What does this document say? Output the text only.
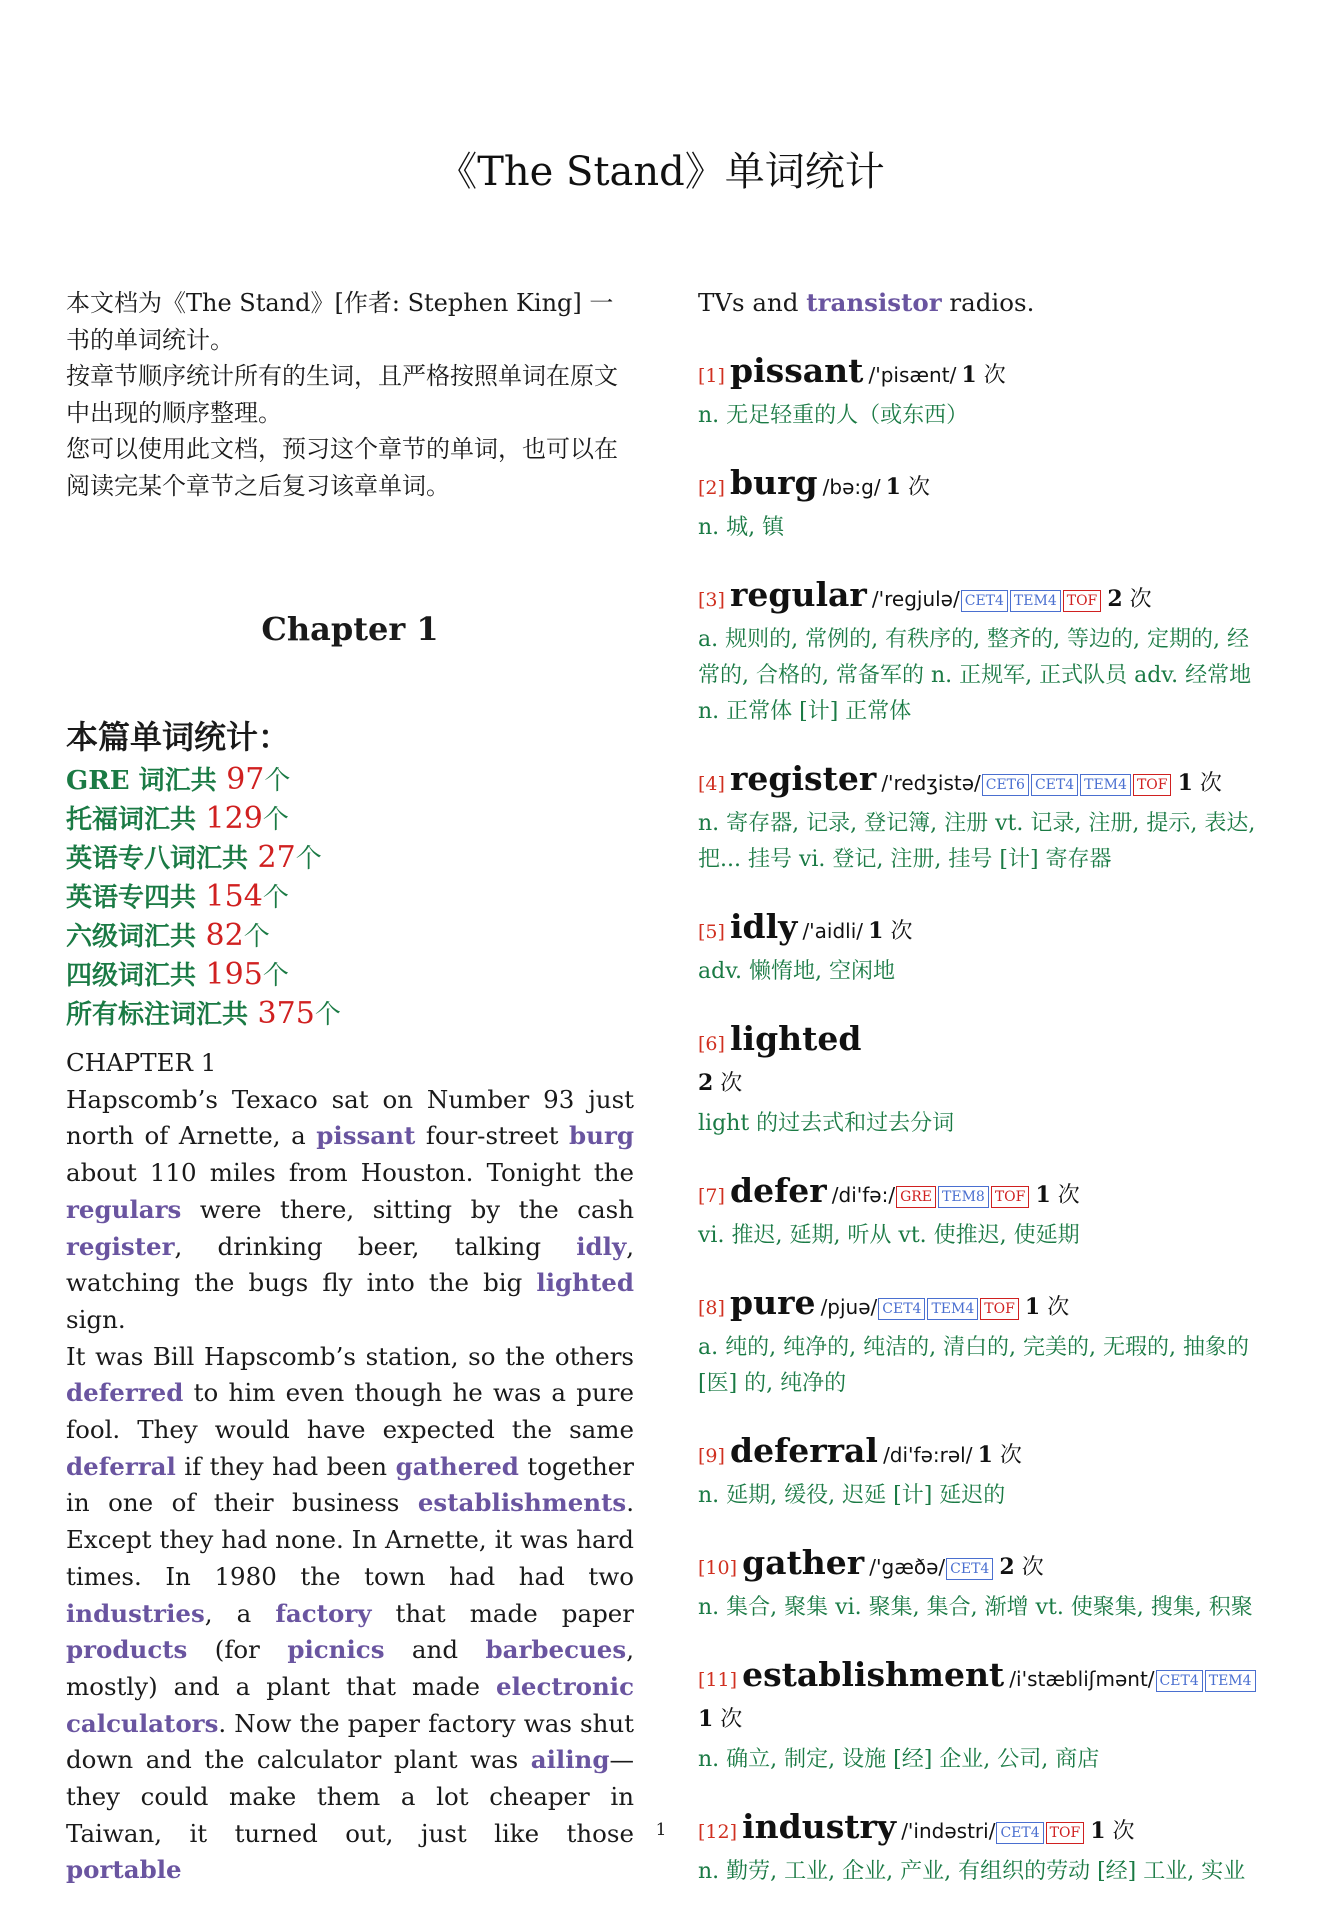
《The Stand》单词统计

本文档为《The Stand》[作者: Stephen King] 一书的单词统计。

按章节顺序统计所有的生词，且严格按照单词在原文中出现的顺序整理。

您可以使用此文档，预习这个章节的单词，也可以在阅读完某个章节之后复习该章单词。

Chapter 1
本篇单词统计：
GRE 词汇共 97个
托福词汇共 129个
英语专八词汇共 27个
英语专四共 154个
六级词汇共 82个
四级词汇共 195个
所有标注词汇共 375个

CHAPTER 1

Hapscomb’s Texaco sat on Number 93 just north of Arnette, a pissant four-street burg about 110 miles from Houston. Tonight the regulars were there, sitting by the cash register, drinking beer, talking idly, watching the bugs fly into the big lighted sign.

It was Bill Hapscomb’s station, so the others deferred to him even though he was a pure fool. They would have expected the same deferral if they had been gathered together in one of their business establishments. Except they had none. In Arnette, it was hard times. In 1980 the town had had two industries, a factory that made paper products (for picnics and barbecues, mostly) and a plant that made electronic calculators. Now the paper factory was shut down and the calculator plant was ailing—they could make them a lot cheaper in Taiwan, it turned out, just like those portable

TVs and transistor radios.

[1] pissant /'pisænt/ 1 次
n. 无足轻重的人（或东西）
[2] burg /bə:g/ 1 次
n. 城, 镇
[3] regular /'regjulə/ CET4 TEM4 TOF 2 次
a. 规则的, 常例的, 有秩序的, 整齐的, 等边的, 定期的, 经常的, 合格的, 常备军的 n. 正规军, 正式队员 adv. 经常地 n. 正常体 [计] 正常体
[4] register /'redʒistə/ CET6 CET4 TEM4 TOF 1 次
n. 寄存器, 记录, 登记簿, 注册 vt. 记录, 注册, 提示, 表达, 把... 挂号 vi. 登记, 注册, 挂号 [计] 寄存器
[5] idly /'aidli/ 1 次
adv. 懒惰地, 空闲地
[6] lighted
2 次
light 的过去式和过去分词
[7] defer /di'fə:/ GRE TEM8 TOF 1 次
vi. 推迟, 延期, 听从 vt. 使推迟, 使延期
[8] pure /pjuə/ CET4 TEM4 TOF 1 次
a. 纯的, 纯净的, 纯洁的, 清白的, 完美的, 无瑕的, 抽象的 [医] 的, 纯净的
[9] deferral /di'fə:rəl/ 1 次
n. 延期, 缓役, 迟延 [计] 延迟的
[10] gather /'gæðə/ CET4 2 次
n. 集合, 聚集 vi. 聚集, 集合, 渐增 vt. 使聚集, 搜集, 积聚
[11] establishment /i'stæbliʃmənt/ CET4 TEM4 1 次
n. 确立, 制定, 设施 [经] 企业, 公司, 商店
[12] industry /'indəstri/ CET4 TOF 1 次
n. 勤劳, 工业, 企业, 产业, 有组织的劳动 [经] 工业, 实业
1
